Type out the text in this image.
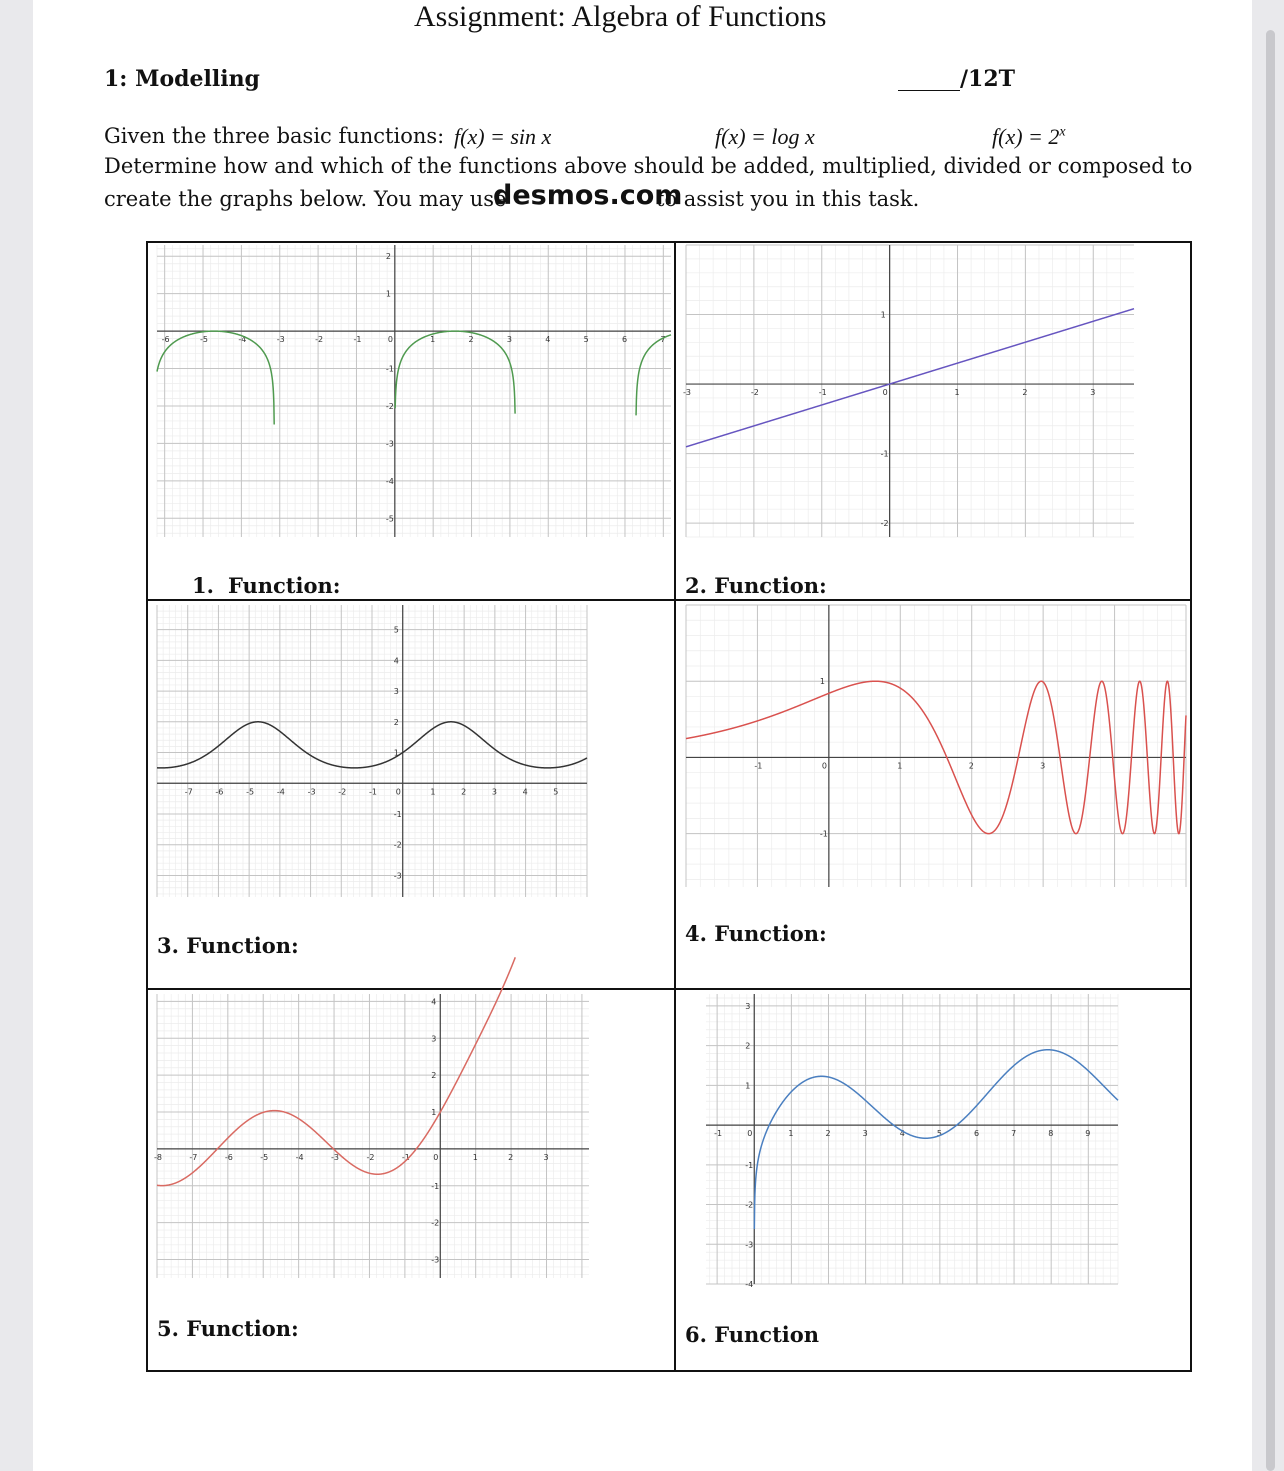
Assignment: Algebra of Functions
1: Modelling	/12T
Given the three basic functions: f(x) = sin x	f(x) = log x	$f(x) = 2^x$
Determine how and which of the functions above should be added, multiplied, divided or composed to
create the graphs below. You may use
desmos.com
to assist you in this task.
-6	-5	-4	-3	-2	-1	0	1	2	3	4	5	6	7
2
1
-1
-2
-3
-4
-5
-3	-2	-1	0	1	2	3
1
-1
-2
-7	-6	-5	-4	-3	-2	-1 0	1	2	3	4	5
5
4
3
2
1
-1
-2
-3
-1	0	1	2	3
1
-1
-8	-7	-6	-5	-4	-3	-2	-1	0	1	2	3
4
3
2
1
-1
-2
-3
-1	0	1	2	3	4	5	6	7	8	9
3
2
1
-1
-2
-3
-4
1. Function:	2. Function:
3. Function:	4. Function:
5. Function:	6. Function
